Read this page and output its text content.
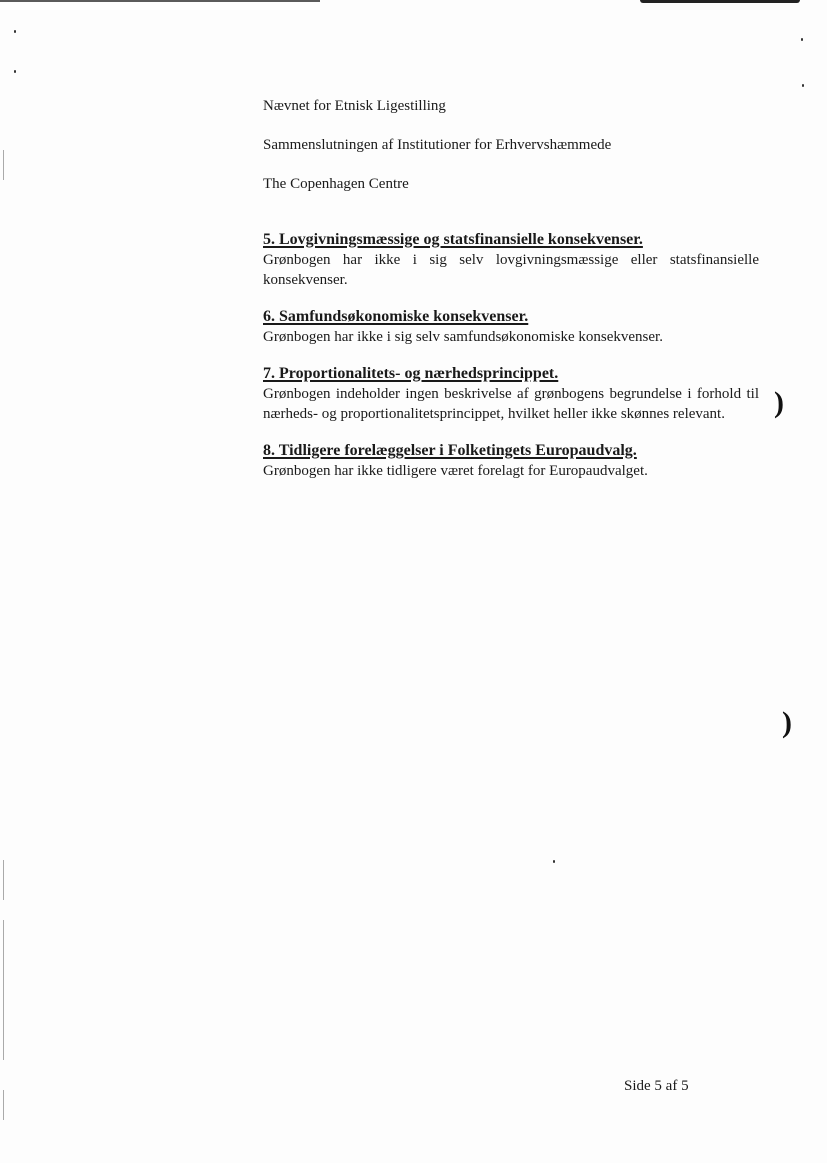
)
)

Nævnet for Etnisk Ligestilling

Sammenslutningen af Institutioner for Erhvervshæmmede

The Copenhagen Centre

5. Lovgivningsmæssige og statsfinansielle konsekvenser.

Grønbogen har ikke i sig selv lovgivningsmæssige eller statsfinansielle konsekvenser.

6. Samfundsøkonomiske konsekvenser.

Grønbogen har ikke i sig selv samfundsøkonomiske konsekvenser.

7. Proportionalitets- og nærhedsprincippet.

Grønbogen indeholder ingen beskrivelse af grønbogens begrundelse i forhold til nærheds- og proportionalitetsprincippet, hvilket heller ikke skønnes relevant.

8. Tidligere forelæggelser i Folketingets Europaudvalg.

Grønbogen har ikke tidligere været forelagt for Europaudvalget.

Side 5 af 5
